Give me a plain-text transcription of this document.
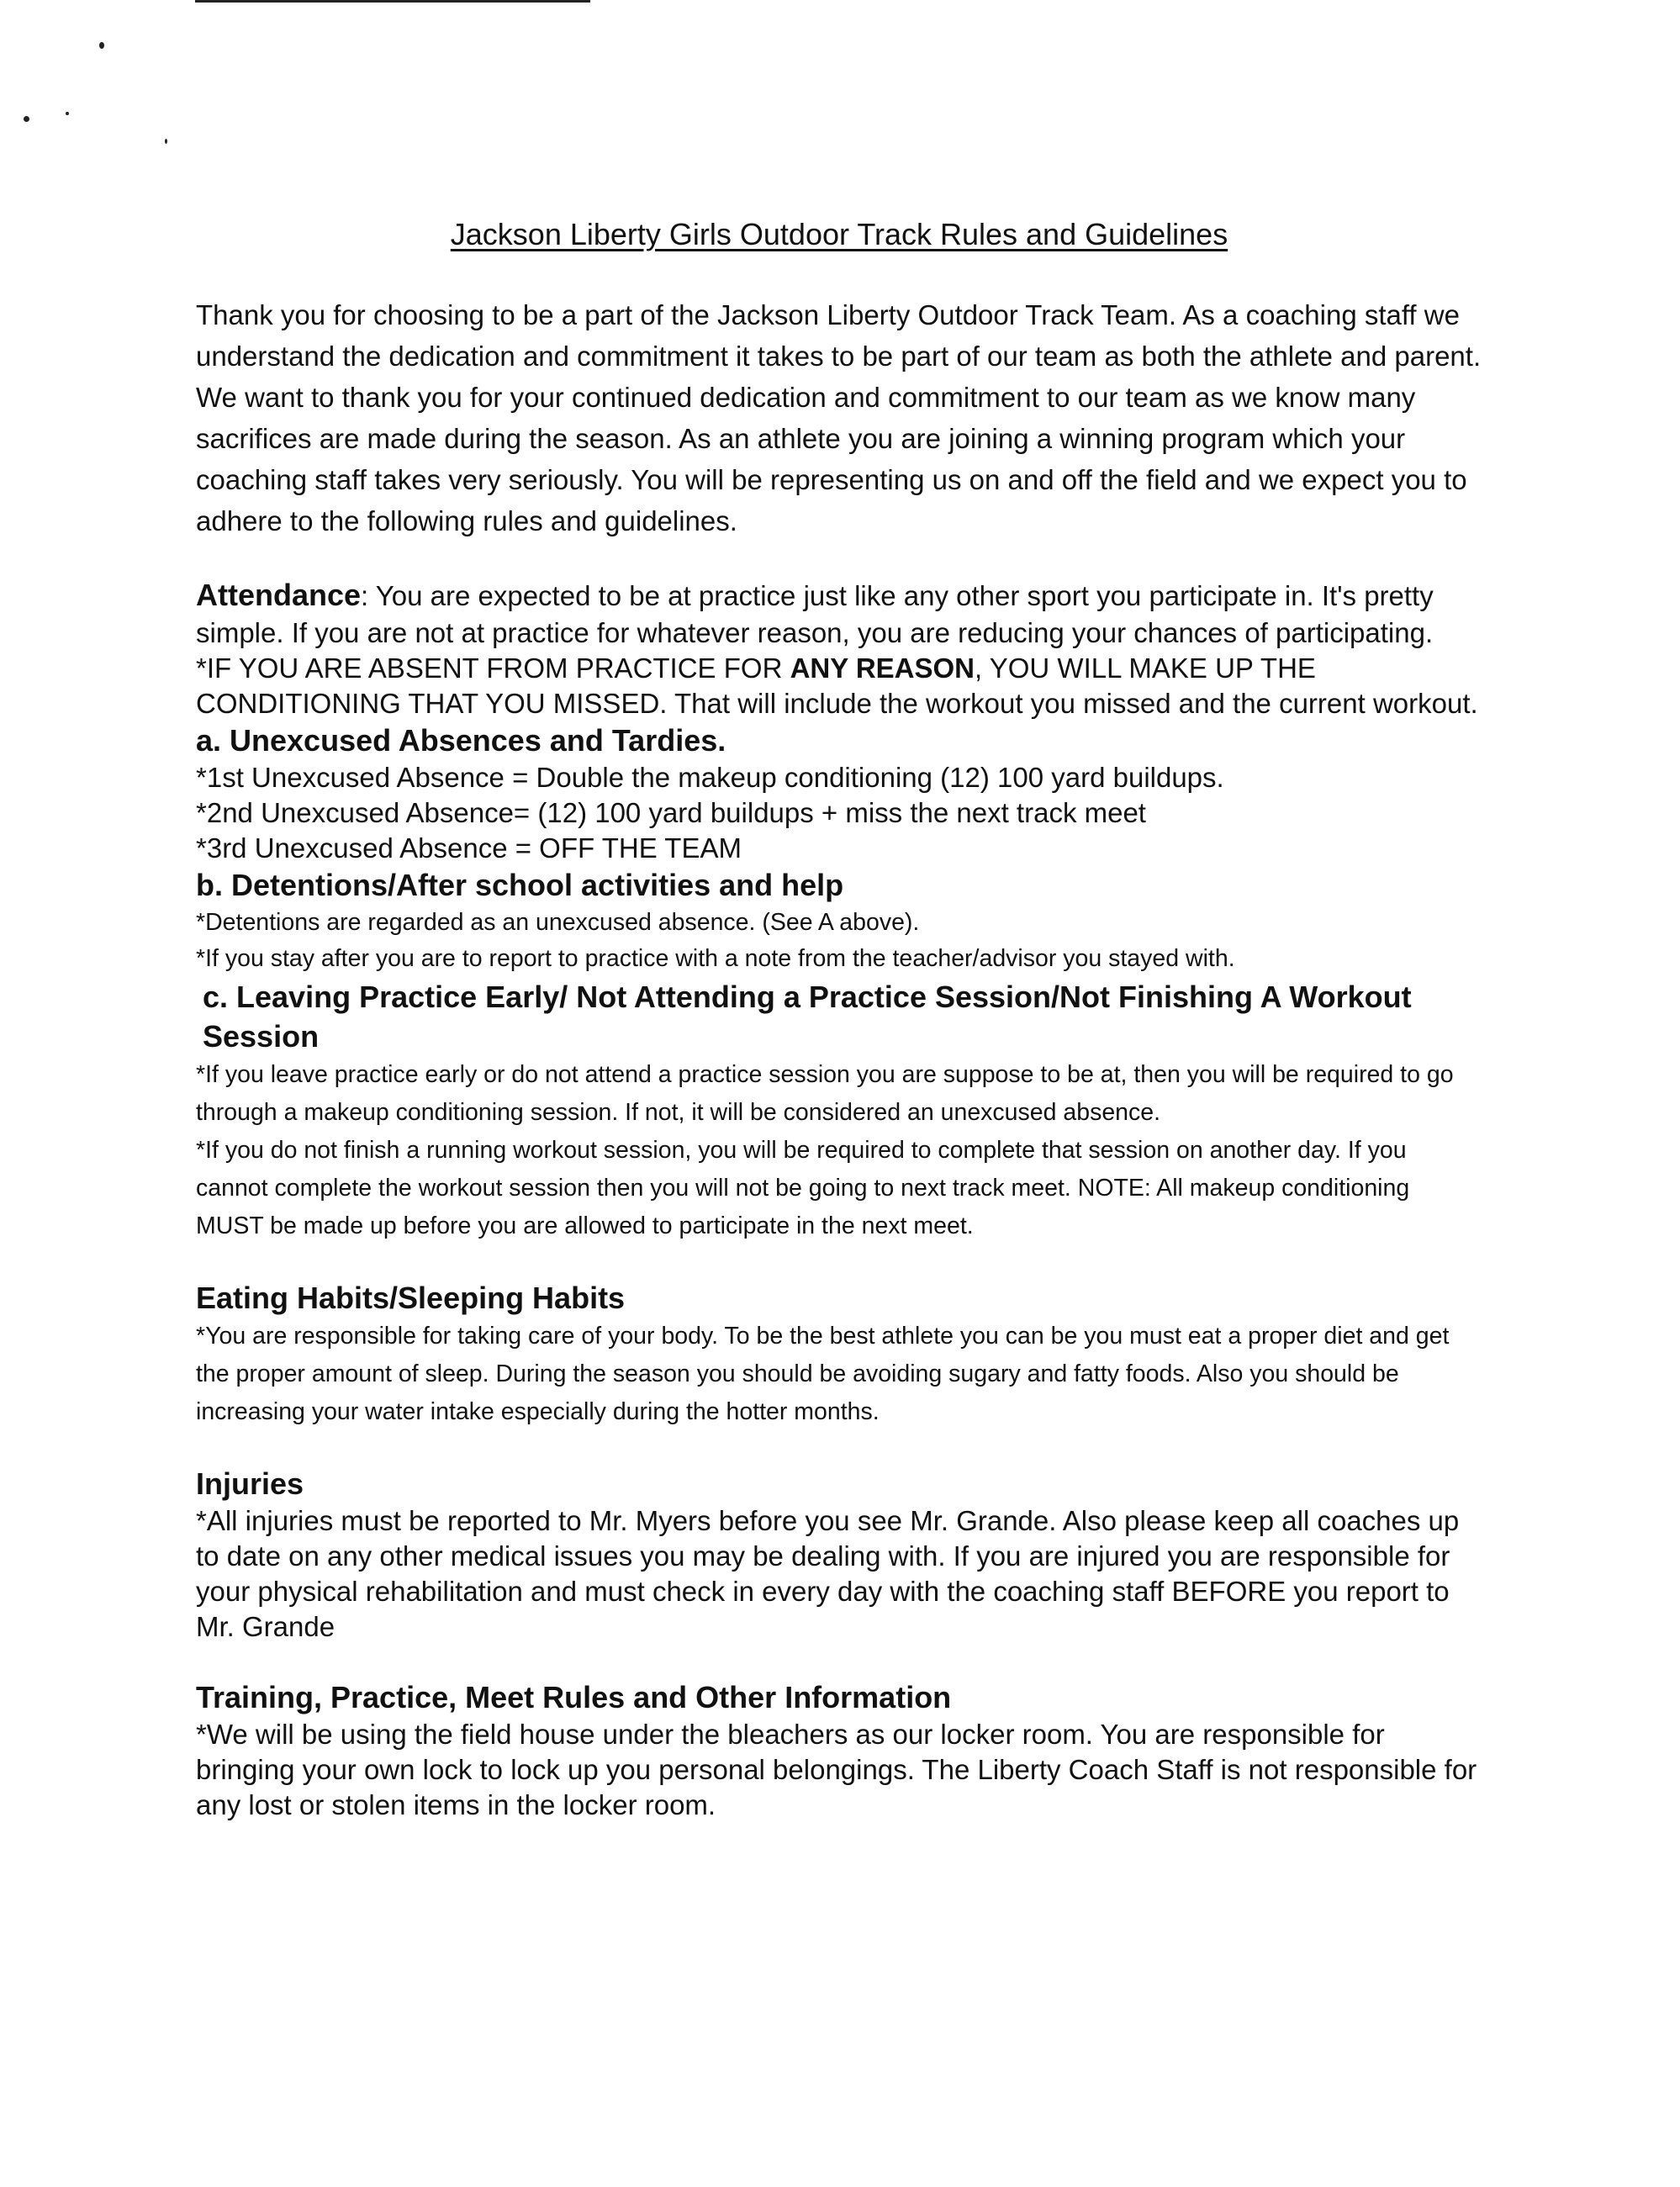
Jackson Liberty Girls Outdoor Track Rules and Guidelines

Thank you for choosing to be a part of the Jackson Liberty Outdoor Track Team. As a coaching staff we understand the dedication and commitment it takes to be part of our team as both the athlete and parent. We want to thank you for your continued dedication and commitment to our team as we know many sacrifices are made during the season. As an athlete you are joining a winning program which your coaching staff takes very seriously. You will be representing us on and off the field and we expect you to adhere to the following rules and guidelines.

Attendance: You are expected to be at practice just like any other sport you participate in. It's pretty simple. If you are not at practice for whatever reason, you are reducing your chances of participating.

*IF YOU ARE ABSENT FROM PRACTICE FOR ANY REASON, YOU WILL MAKE UP THE CONDITIONING THAT YOU MISSED. That will include the workout you missed and the current workout.

a. Unexcused Absences and Tardies.

*1st Unexcused Absence = Double the makeup conditioning (12) 100 yard buildups.

*2nd Unexcused Absence= (12) 100 yard buildups + miss the next track meet

*3rd Unexcused Absence = OFF THE TEAM

b. Detentions/After school activities and help

*Detentions are regarded as an unexcused absence. (See A above).

*If you stay after you are to report to practice with a note from the teacher/advisor you stayed with.

c. Leaving Practice Early/ Not Attending a Practice Session/Not Finishing A Workout Session

*If you leave practice early or do not attend a practice session you are suppose to be at, then you will be required to go through a makeup conditioning session. If not, it will be considered an unexcused absence.

*If you do not finish a running workout session, you will be required to complete that session on another day. If you cannot complete the workout session then you will not be going to next track meet. NOTE: All makeup conditioning MUST be made up before you are allowed to participate in the next meet.

Eating Habits/Sleeping Habits

*You are responsible for taking care of your body. To be the best athlete you can be you must eat a proper diet and get the proper amount of sleep. During the season you should be avoiding sugary and fatty foods. Also you should be increasing your water intake especially during the hotter months.

Injuries

*All injuries must be reported to Mr. Myers before you see Mr. Grande. Also please keep all coaches up to date on any other medical issues you may be dealing with. If you are injured you are responsible for your physical rehabilitation and must check in every day with the coaching staff BEFORE you report to Mr. Grande

Training, Practice, Meet Rules and Other Information

*We will be using the field house under the bleachers as our locker room. You are responsible for bringing your own lock to lock up you personal belongings. The Liberty Coach Staff is not responsible for any lost or stolen items in the locker room.
